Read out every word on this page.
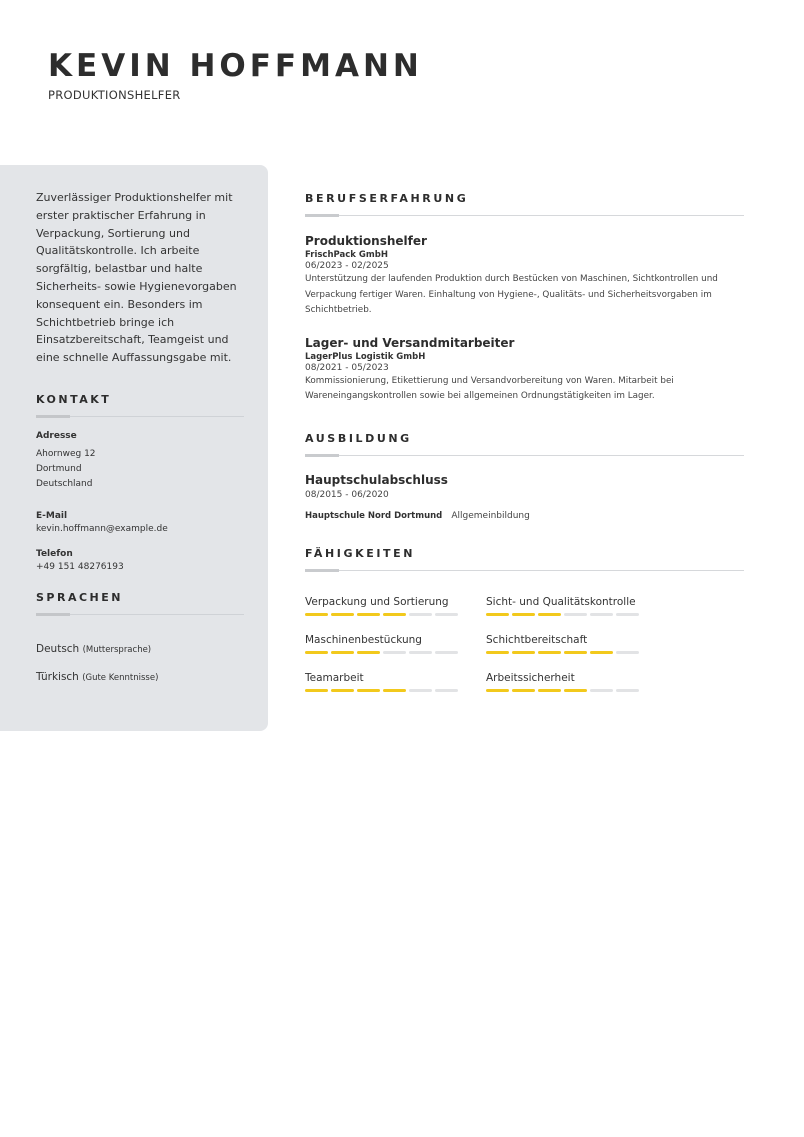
KEVIN HOFFMANN
PRODUKTIONSHELFER

Zuverlässiger Produktionshelfer mit erster praktischer Erfahrung in Verpackung, Sortierung und Qualitätskontrolle. Ich arbeite sorgfältig, belastbar und halte Sicherheits- sowie Hygienevorgaben konsequent ein. Besonders im Schichtbetrieb bringe ich Einsatzbereitschaft, Teamgeist und eine schnelle Auffassungsgabe mit.

KONTAKT
Adresse
Ahornweg 12
Dortmund
Deutschland
E-Mail
kevin.hoffmann@example.de
Telefon
+49 151 48276193
SPRACHEN
Deutsch (Muttersprache)
Türkisch (Gute Kenntnisse)
BERUFSERFAHRUNG
Produktionshelfer
FrischPack GmbH
06/2023 - 02/2025
Unterstützung der laufenden Produktion durch Bestücken von Maschinen, Sichtkontrollen und Verpackung fertiger Waren. Einhaltung von Hygiene-, Qualitäts- und Sicherheitsvorgaben im Schichtbetrieb.
Lager- und Versandmitarbeiter
LagerPlus Logistik GmbH
08/2021 - 05/2023
Kommissionierung, Etikettierung und Versandvorbereitung von Waren. Mitarbeit bei Wareneingangskontrollen sowie bei allgemeinen Ordnungstätigkeiten im Lager.
AUSBILDUNG
Hauptschulabschluss
08/2015 - 06/2020
Hauptschule Nord Dortmund Allgemeinbildung
FÄHIGKEITEN
Verpackung und Sortierung	Sicht- und Qualitätskontrolle
Maschinenbestückung	Schichtbereitschaft
Teamarbeit	Arbeitssicherheit
